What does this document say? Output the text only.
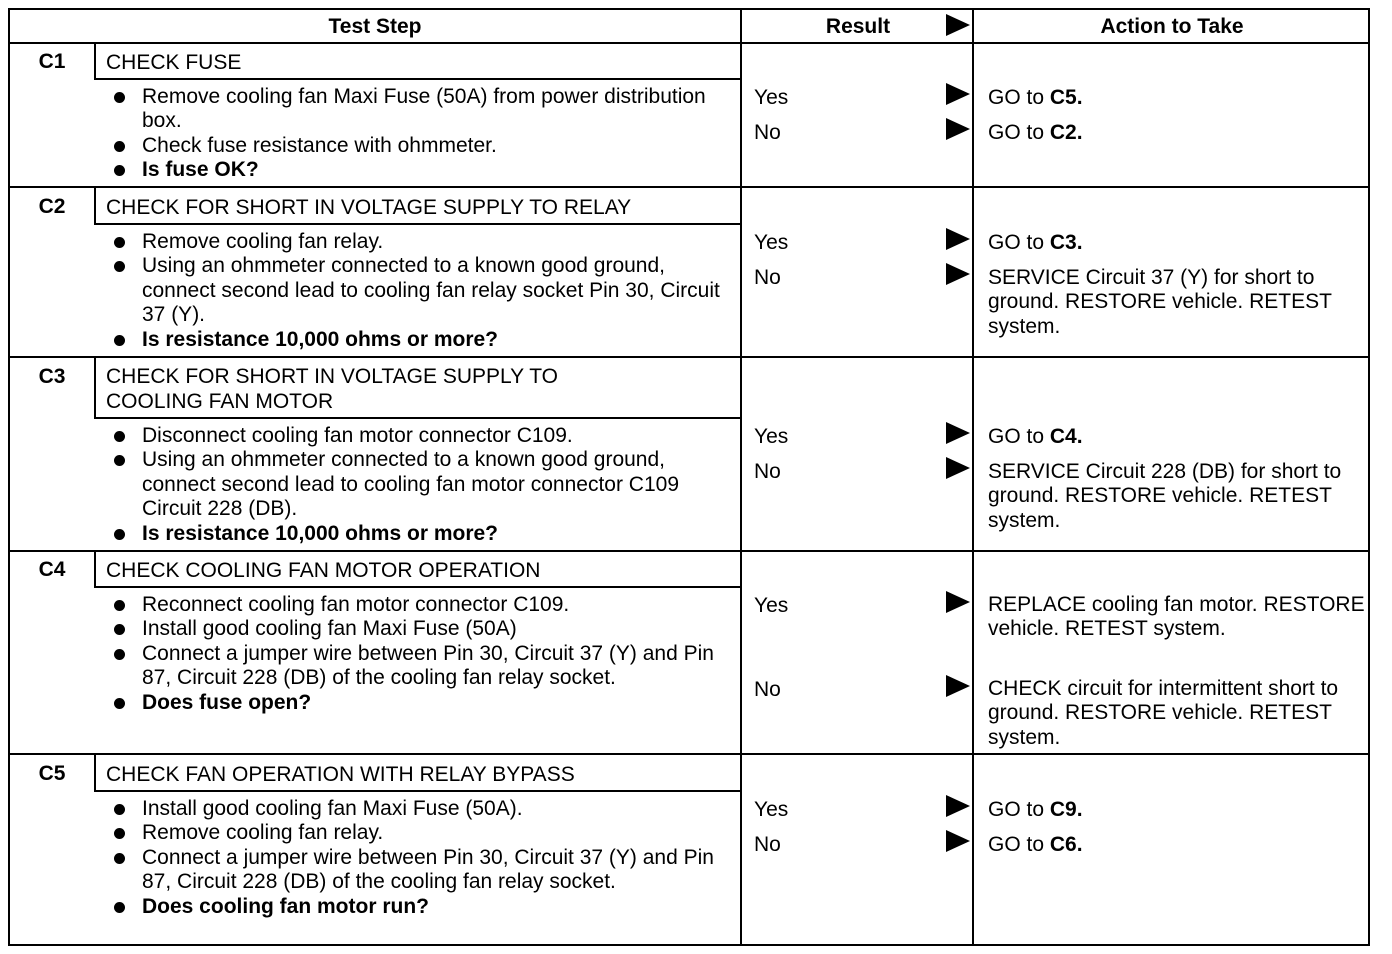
Test Step	Result	Action to Take
C1	CHECK FUSE
Remove cooling fan Maxi Fuse (50A) from power distribution box.
Check fuse resistance with ohmmeter.
Is fuse OK?
Yes	GO to C5.
No	GO to C2.
C2	CHECK FOR SHORT IN VOLTAGE SUPPLY TO RELAY
Remove cooling fan relay.
Using an ohmmeter connected to a known good ground, connect second lead to cooling fan relay socket Pin 30, Circuit 37 (Y).
Is resistance 10,000 ohms or more?
Yes	GO to C3.
No	SERVICE Circuit 37 (Y) for short to ground. RESTORE vehicle. RETEST system.
C3	CHECK FOR SHORT IN VOLTAGE SUPPLY TO COOLING FAN MOTOR
Disconnect cooling fan motor connector C109.
Using an ohmmeter connected to a known good ground, connect second lead to cooling fan motor connector C109 Circuit 228 (DB).
Is resistance 10,000 ohms or more?
Yes	GO to C4.
No	SERVICE Circuit 228 (DB) for short to ground. RESTORE vehicle. RETEST system.
C4	CHECK COOLING FAN MOTOR OPERATION
Reconnect cooling fan motor connector C109.
Install good cooling fan Maxi Fuse (50A)
Connect a jumper wire between Pin 30, Circuit 37 (Y) and Pin 87, Circuit 228 (DB) of the cooling fan relay socket.
Does fuse open?
Yes	REPLACE cooling fan motor. RESTORE vehicle. RETEST system.
No	CHECK circuit for intermittent short to ground. RESTORE vehicle. RETEST system.
C5	CHECK FAN OPERATION WITH RELAY BYPASS
Install good cooling fan Maxi Fuse (50A).
Remove cooling fan relay.
Connect a jumper wire between Pin 30, Circuit 37 (Y) and Pin 87, Circuit 228 (DB) of the cooling fan relay socket.
Does cooling fan motor run?
Yes	GO to C9.
No	GO to C6.
